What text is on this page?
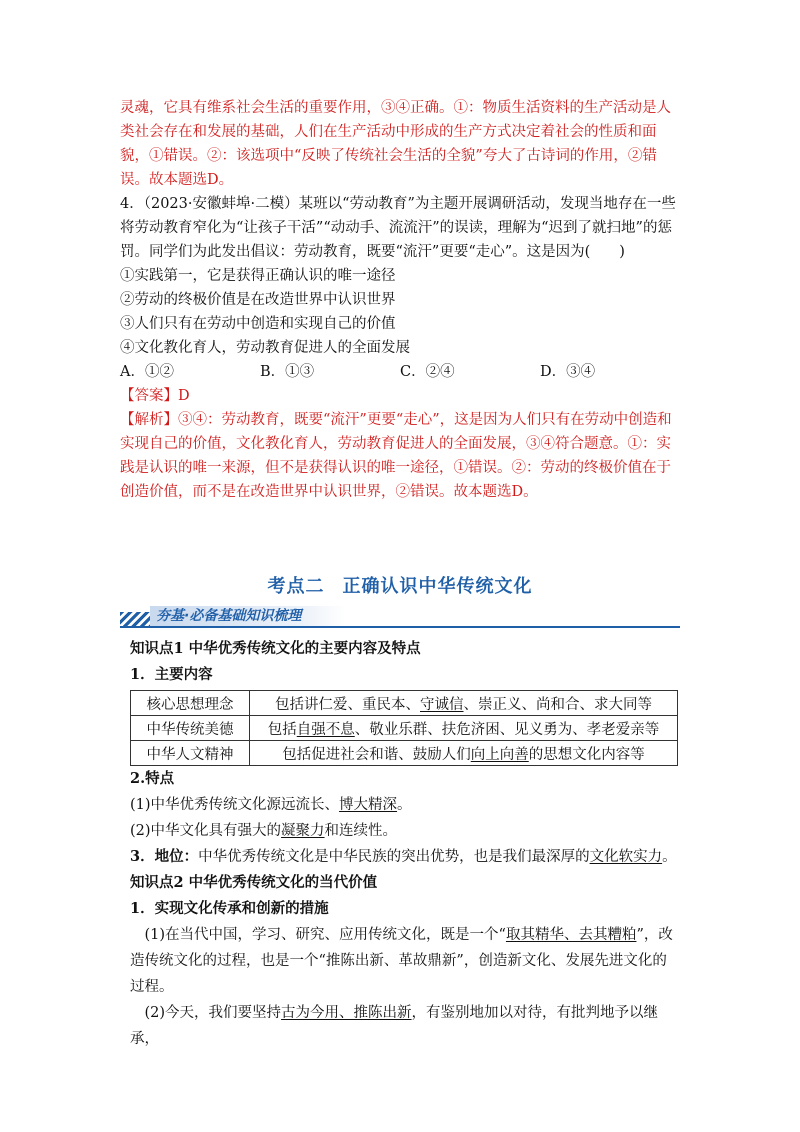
灵魂，它具有维系社会生活的重要作用，③④正确。①：物质生活资料的生产活动是人类社会存在和发展的基础，人们在生产活动中形成的生产方式决定着社会的性质和面貌，①错误。②：该选项中“反映了传统社会生活的全貌”夸大了古诗词的作用，②错误。故本题选D。

4．（2023·安徽蚌埠·二模）某班以“劳动教育”为主题开展调研活动，发现当地存在一些将劳动教育窄化为“让孩子干活”“动动手、流流汗”的误读，理解为“迟到了就扫地”的惩罚。同学们为此发出倡议：劳动教育，既要“流汗”更要“走心”。这是因为(　　)

①实践第一，它是获得正确认识的唯一途径

②劳动的终极价值是在改造世界中认识世界

③人们只有在劳动中创造和实现自己的价值

④文化教化育人，劳动教育促进人的全面发展

A．①②	B．①③	C．②④	D．③④

【答案】D

【解析】③④：劳动教育，既要“流汗”更要“走心”，这是因为人们只有在劳动中创造和实现自己的价值，文化教化育人，劳动教育促进人的全面发展，③④符合题意。①：实践是认识的唯一来源，但不是获得认识的唯一途径，①错误。②：劳动的终极价值在于创造价值，而不是在改造世界中认识世界，②错误。故本题选D。

考点二 正确认识中华传统文化
夯基·必备基础知识梳理

知识点1 中华优秀传统文化的主要内容及特点

1．主要内容

核心思想理念	包括讲仁爱、重民本、守诚信、崇正义、尚和合、求大同等
中华传统美德	包括自强不息、敬业乐群、扶危济困、见义勇为、孝老爱亲等
中华人文精神	包括促进社会和谐、鼓励人们向上向善的思想文化内容等

2.特点

(1)中华优秀传统文化源远流长、博大精深。

(2)中华文化具有强大的凝聚力和连续性。

3．地位：中华优秀传统文化是中华民族的突出优势，也是我们最深厚的文化软实力。

知识点2 中华优秀传统文化的当代价值

1．实现文化传承和创新的措施

(1)在当代中国，学习、研究、应用传统文化，既是一个“取其精华、去其糟粕”，改造传统文化的过程，也是一个“推陈出新、革故鼎新”，创造新文化、发展先进文化的过程。

(2)今天，我们要坚持古为今用、推陈出新，有鉴别地加以对待，有批判地予以继承，
